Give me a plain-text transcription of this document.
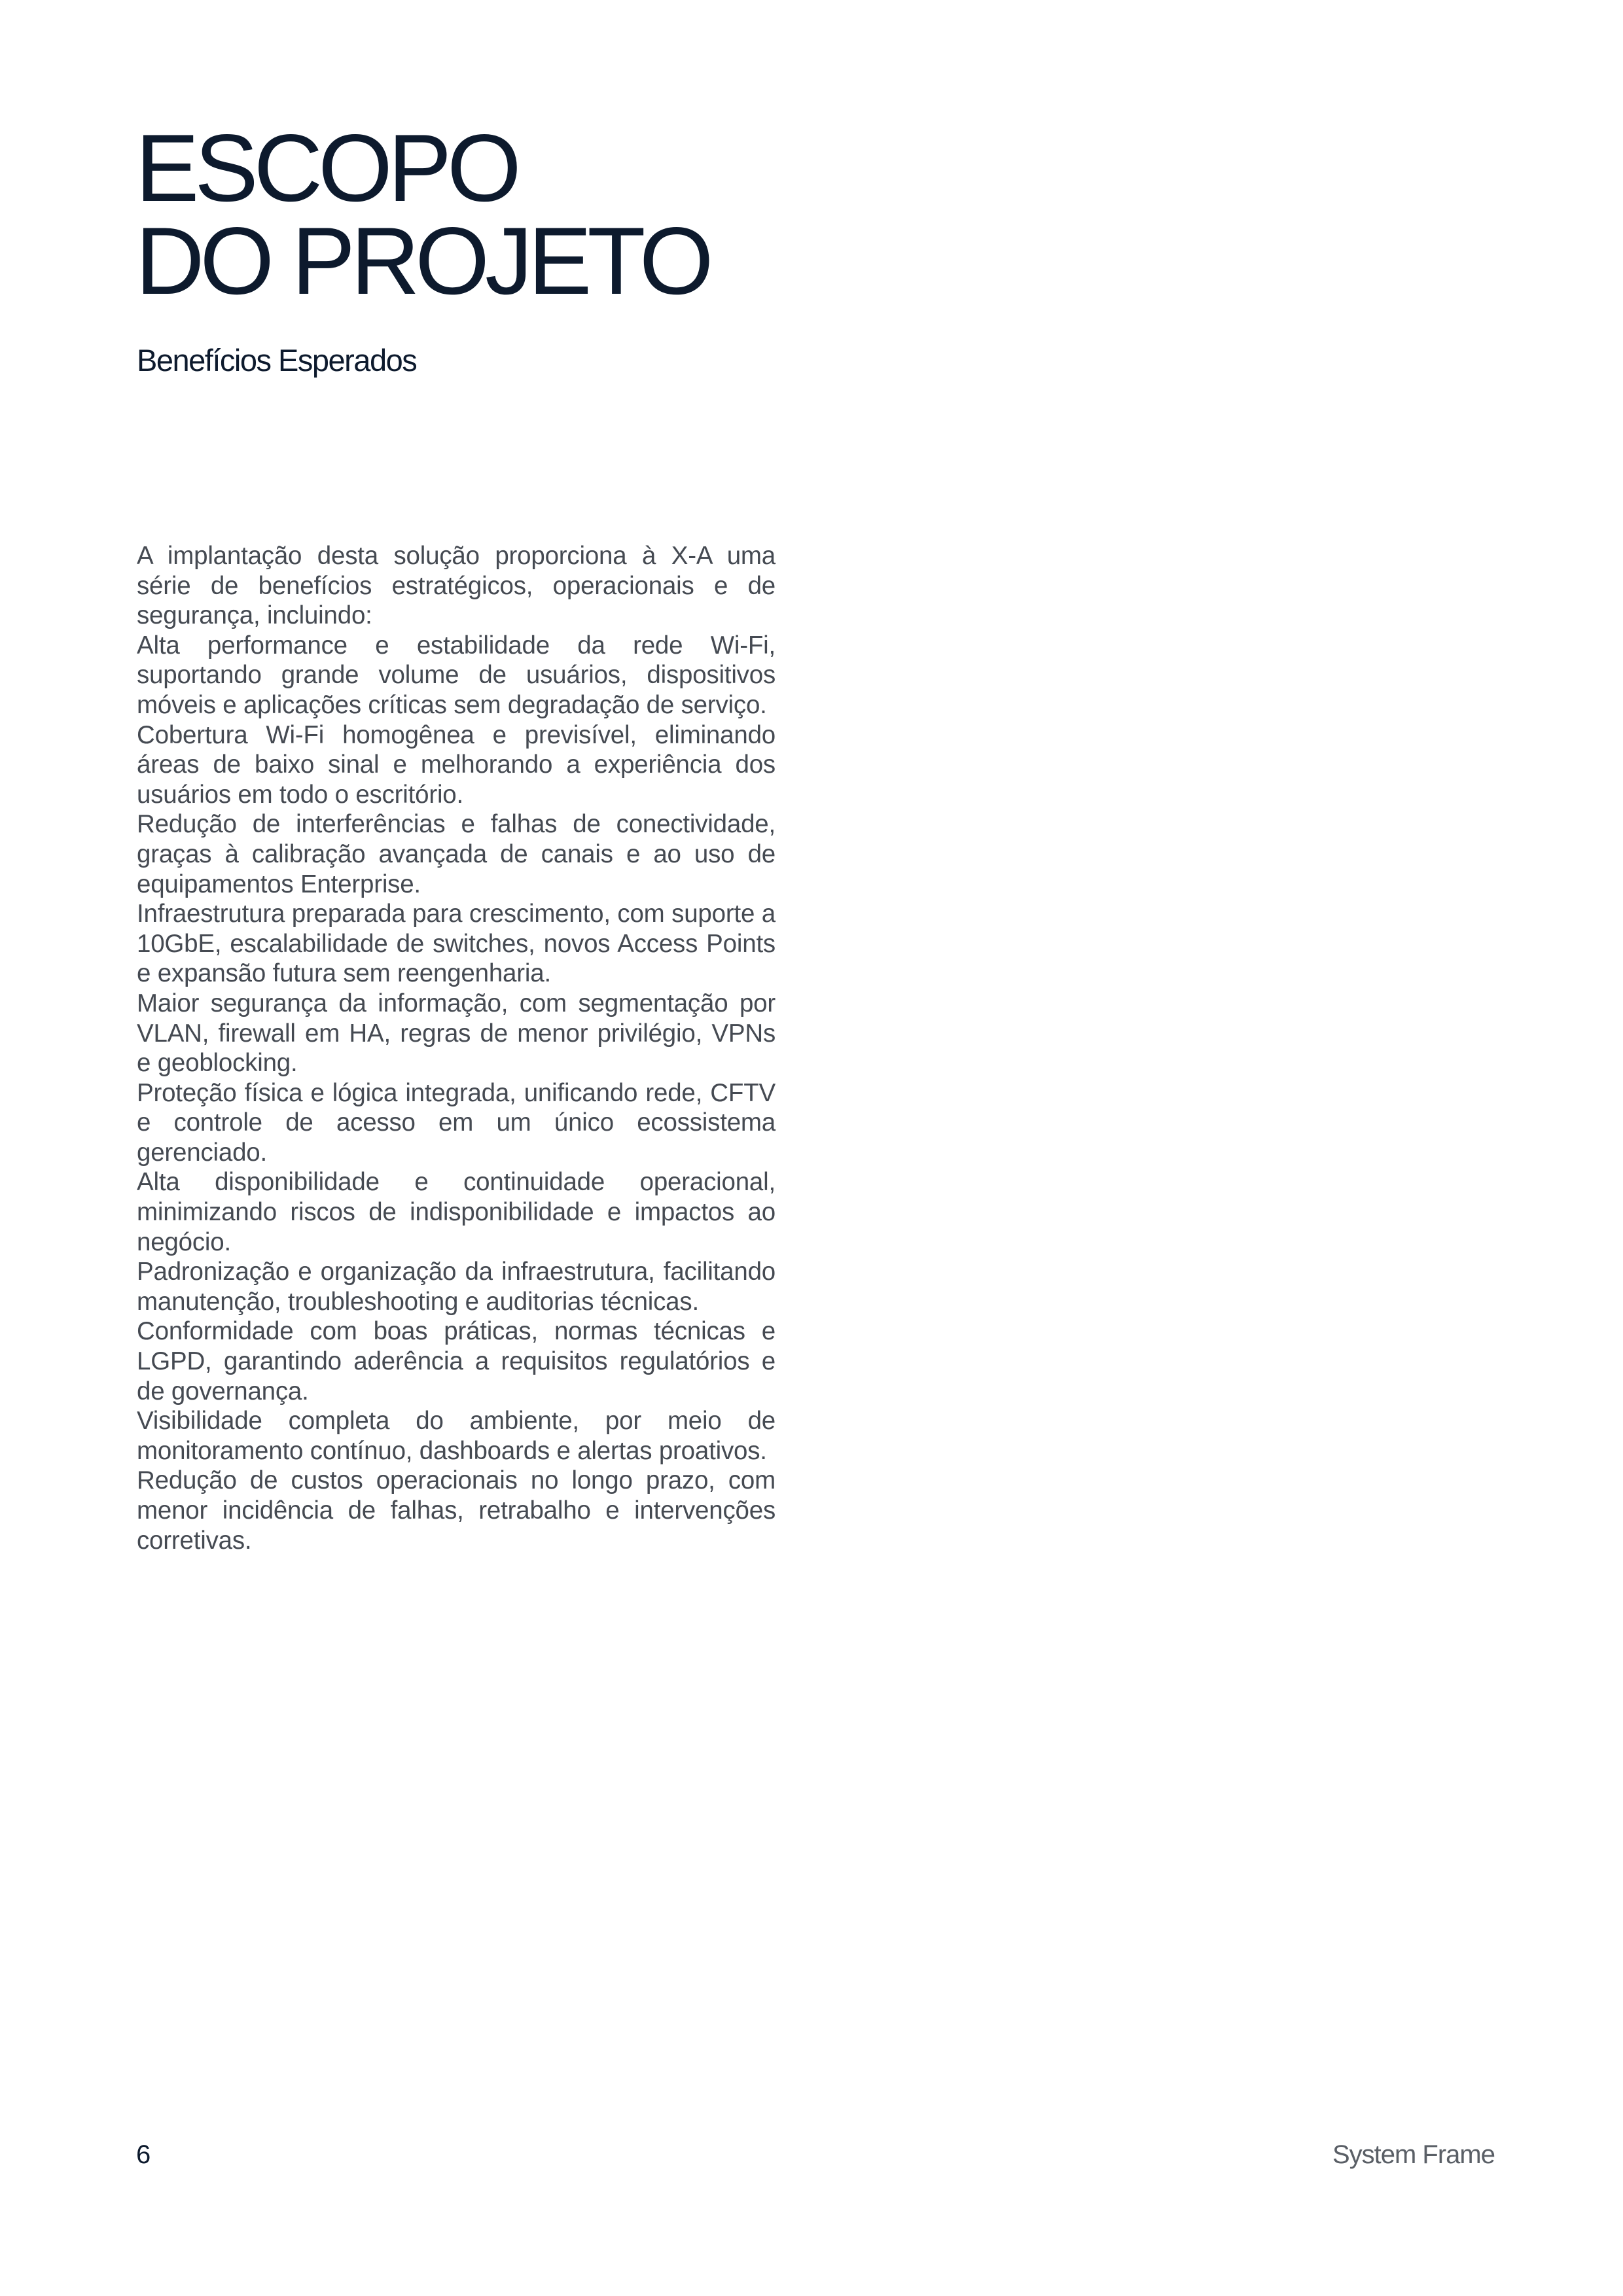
ESCOPO
DO PROJETO
Benefícios Esperados

A implantação desta solução proporciona à X-A uma série de benefícios estratégicos, operacionais e de segurança, incluindo:

Alta performance e estabilidade da rede Wi-Fi, suportando grande volume de usuários, dispositivos móveis e aplicações críticas sem degradação de serviço.

Cobertura Wi-Fi homogênea e previsível, eliminando áreas de baixo sinal e melhorando a experiência dos usuários em todo o escritório.

Redução de interferências e falhas de conectividade, graças à calibração avançada de canais e ao uso de equipamentos Enterprise.

Infraestrutura preparada para crescimento, com suporte a 10GbE, escalabilidade de switches, novos Access Points e expansão futura sem reengenharia.

Maior segurança da informação, com segmentação por VLAN, firewall em HA, regras de menor privilégio, VPNs e geoblocking.

Proteção física e lógica integrada, unificando rede, CFTV e controle de acesso em um único ecossistema gerenciado.

Alta disponibilidade e continuidade operacional, minimizando riscos de indisponibilidade e impactos ao negócio.

Padronização e organização da infraestrutura, facilitando manutenção, troubleshooting e auditorias técnicas.

Conformidade com boas práticas, normas técnicas e LGPD, garantindo aderência a requisitos regulatórios e de governança.

Visibilidade completa do ambiente, por meio de monitoramento contínuo, dashboards e alertas proativos.

Redução de custos operacionais no longo prazo, com menor incidência de falhas, retrabalho e intervenções corretivas.

6	System Frame
